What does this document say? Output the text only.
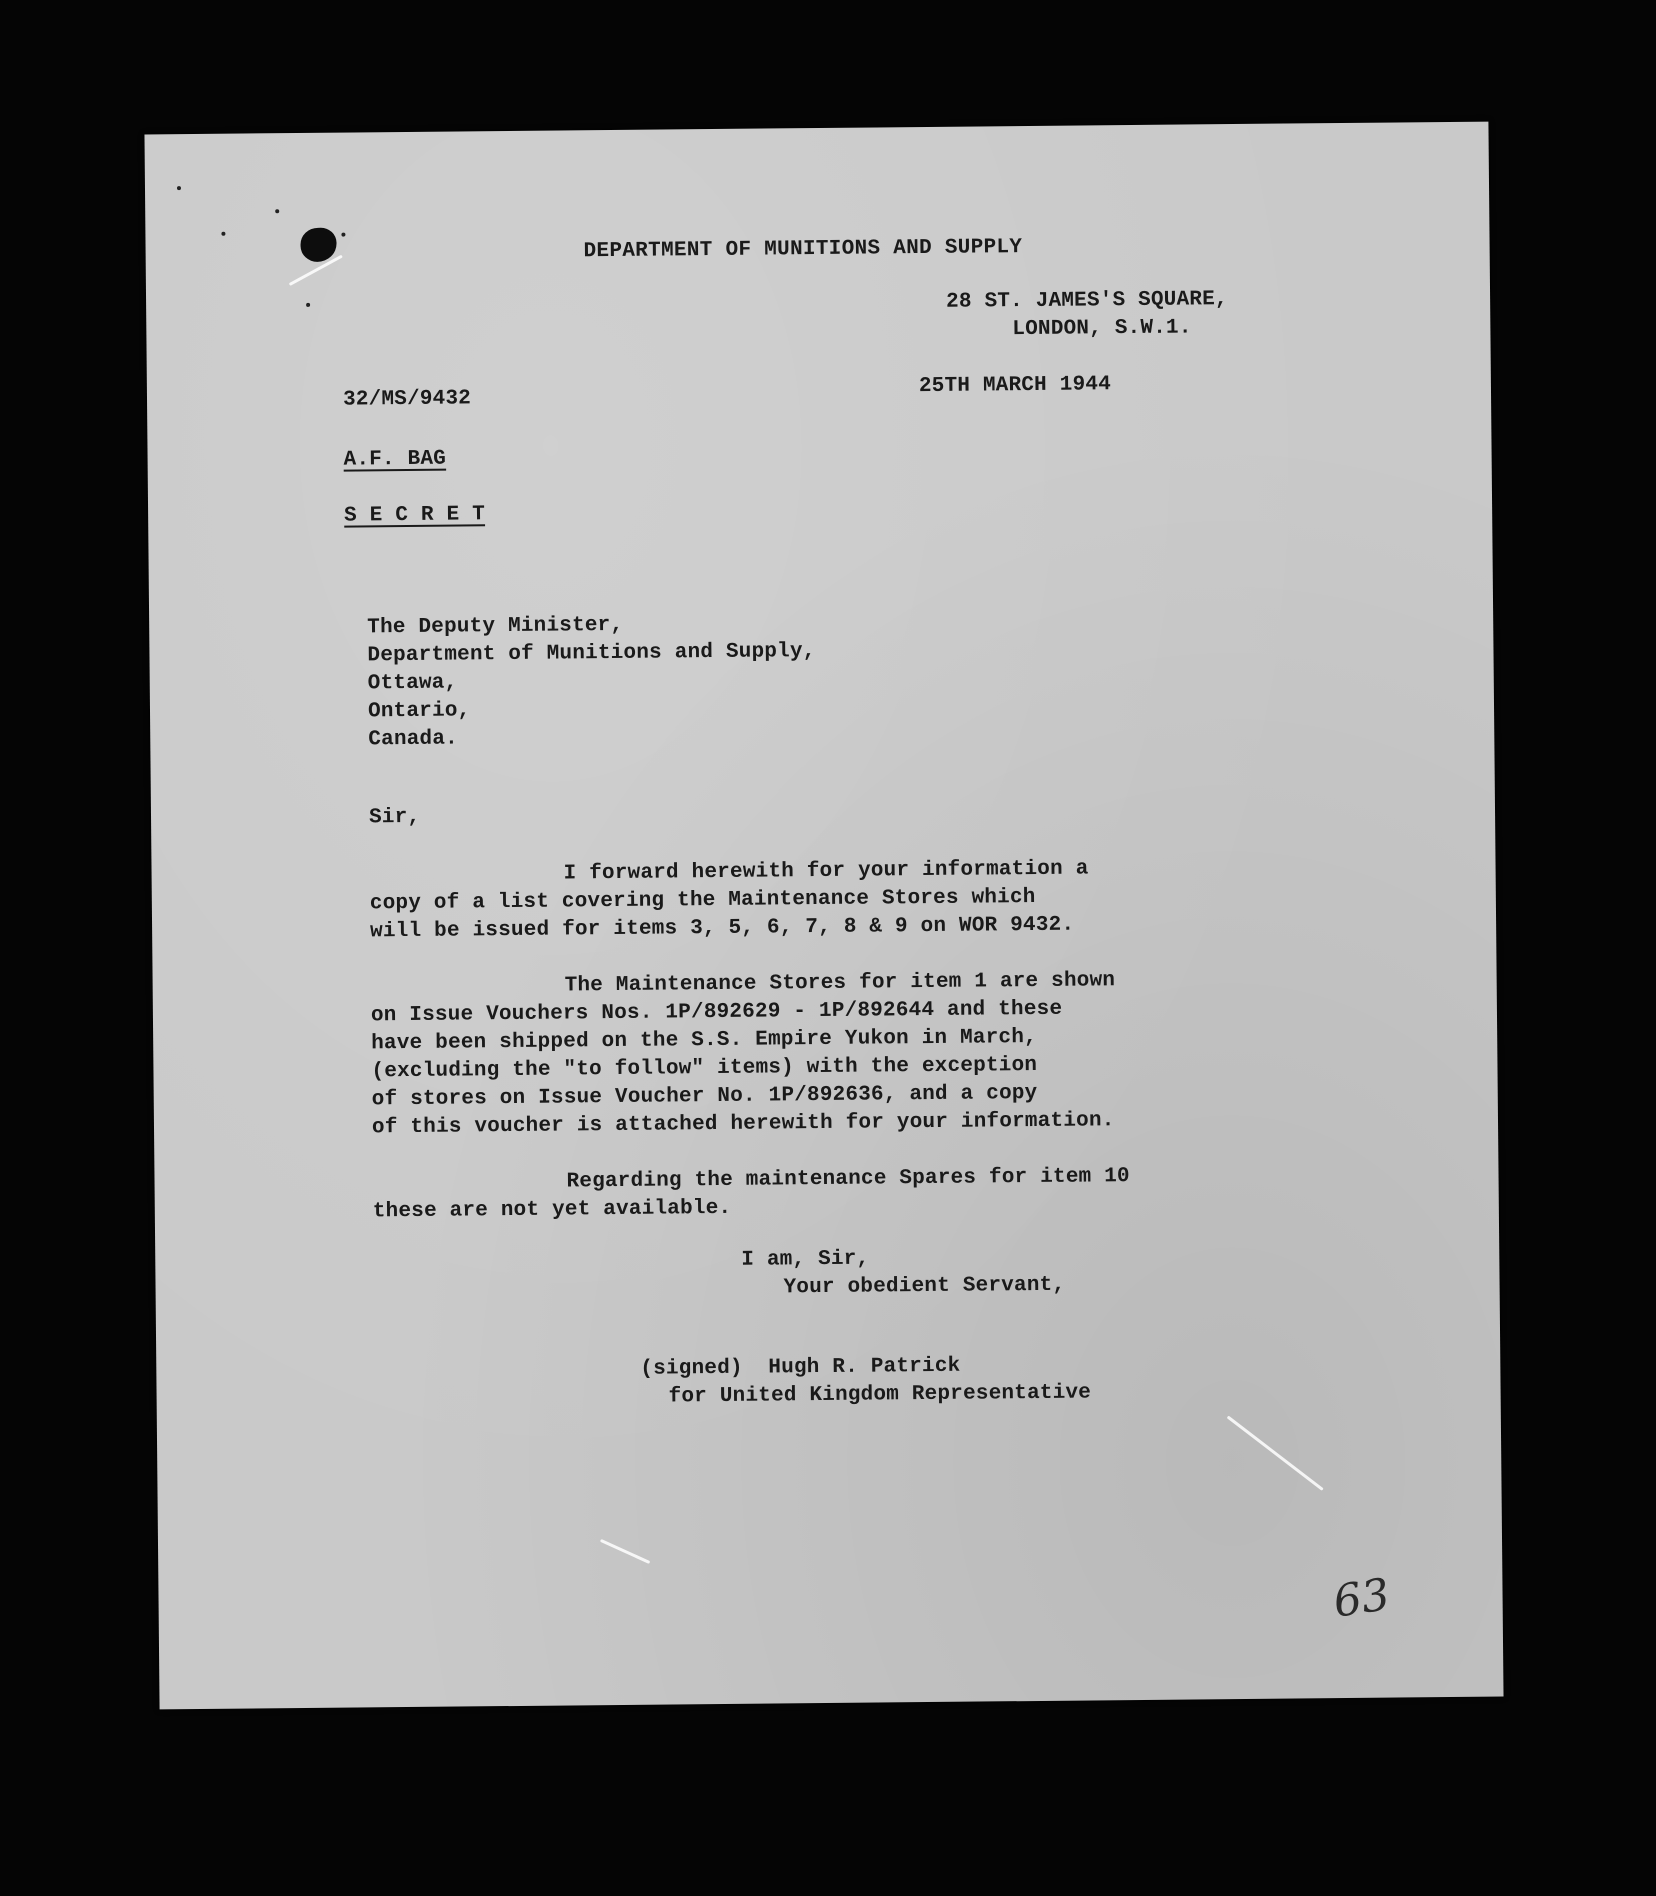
DEPARTMENT OF MUNITIONS AND SUPPLY
28 ST. JAMES'S SQUARE,
LONDON, S.W.1.
32/MS/9432
25TH MARCH 1944
A.F. BAG
S E C R E T
The Deputy Minister,
Department of Munitions and Supply,
Ottawa,
Ontario,
Canada.
Sir,
I forward herewith for your information a
copy of a list covering the Maintenance Stores which
will be issued for items 3, 5, 6, 7, 8 & 9 on WOR 9432.
The Maintenance Stores for item 1 are shown
on Issue Vouchers Nos. 1P/892629 - 1P/892644 and these
have been shipped on the S.S. Empire Yukon in March,
(excluding the "to follow" items) with the exception
of stores on Issue Voucher No. 1P/892636, and a copy
of this voucher is attached herewith for your information.
Regarding the maintenance Spares for item 10
these are not yet available.
I am, Sir,
Your obedient Servant,
(signed)  Hugh R. Patrick
for United Kingdom Representative
63
